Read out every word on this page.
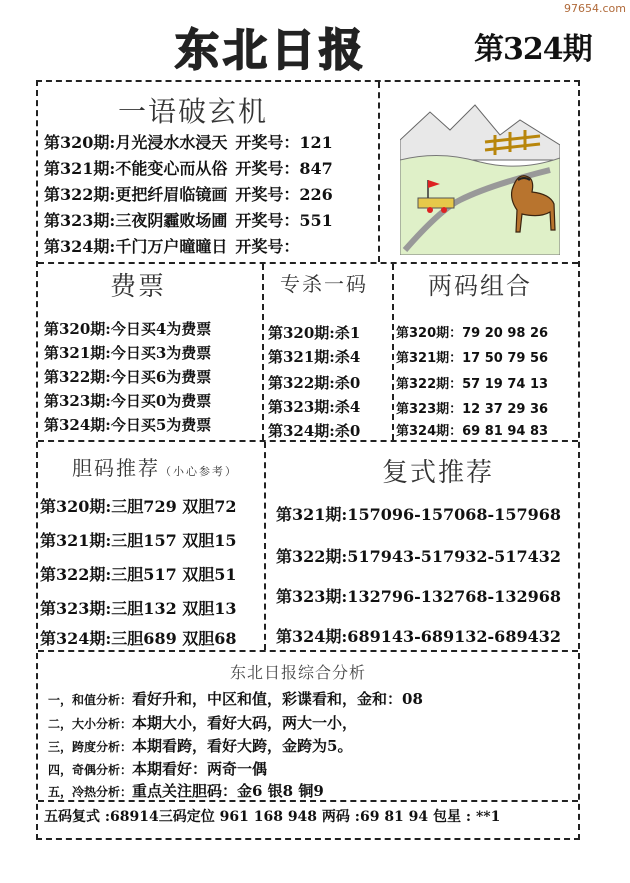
97654.com
东北日报	第324期
一语破玄机
第320期:月光浸水水浸天 开奖号：121
第321期:不能变心而从俗 开奖号：847
第322期:更把纤眉临镜画 开奖号：226
第323期:三夜阴霾败场圃 开奖号：551
第324期:千门万户曈曈日 开奖号：
费票
第320期:今日买4为费票
第321期:今日买3为费票
第322期:今日买6为费票
第323期:今日买0为费票
第324期:今日买5为费票
专杀一码
第320期:杀1
第321期:杀4
第322期:杀0
第323期:杀4
第324期:杀0
两码组合
第320期：79 20 98 26
第321期：17 50 79 56
第322期：57 19 74 13
第323期：12 37 29 36
第324期：69 81 94 83
胆码推荐（小心参考）
第320期:三胆729 双胆72
第321期:三胆157 双胆15
第322期:三胆517 双胆51
第323期:三胆132 双胆13
第324期:三胆689 双胆68
复式推荐
第321期:157096-157068-157968
第322期:517943-517932-517432
第323期:132796-132768-132968
第324期:689143-689132-689432
东北日报综合分析
一，和值分析：看好升和，中区和值，彩谍看和，金和：08
二，大小分析：本期大小，看好大码，两大一小，
三，跨度分析：本期看跨，看好大跨，金跨为5。
四，奇偶分析：本期看好：两奇一偶
五，冷热分析：重点关注胆码：金6 银8 铜9
五码复式 :68914三码定位 961 168 948 两码 :69 81 94 包星 : **1
